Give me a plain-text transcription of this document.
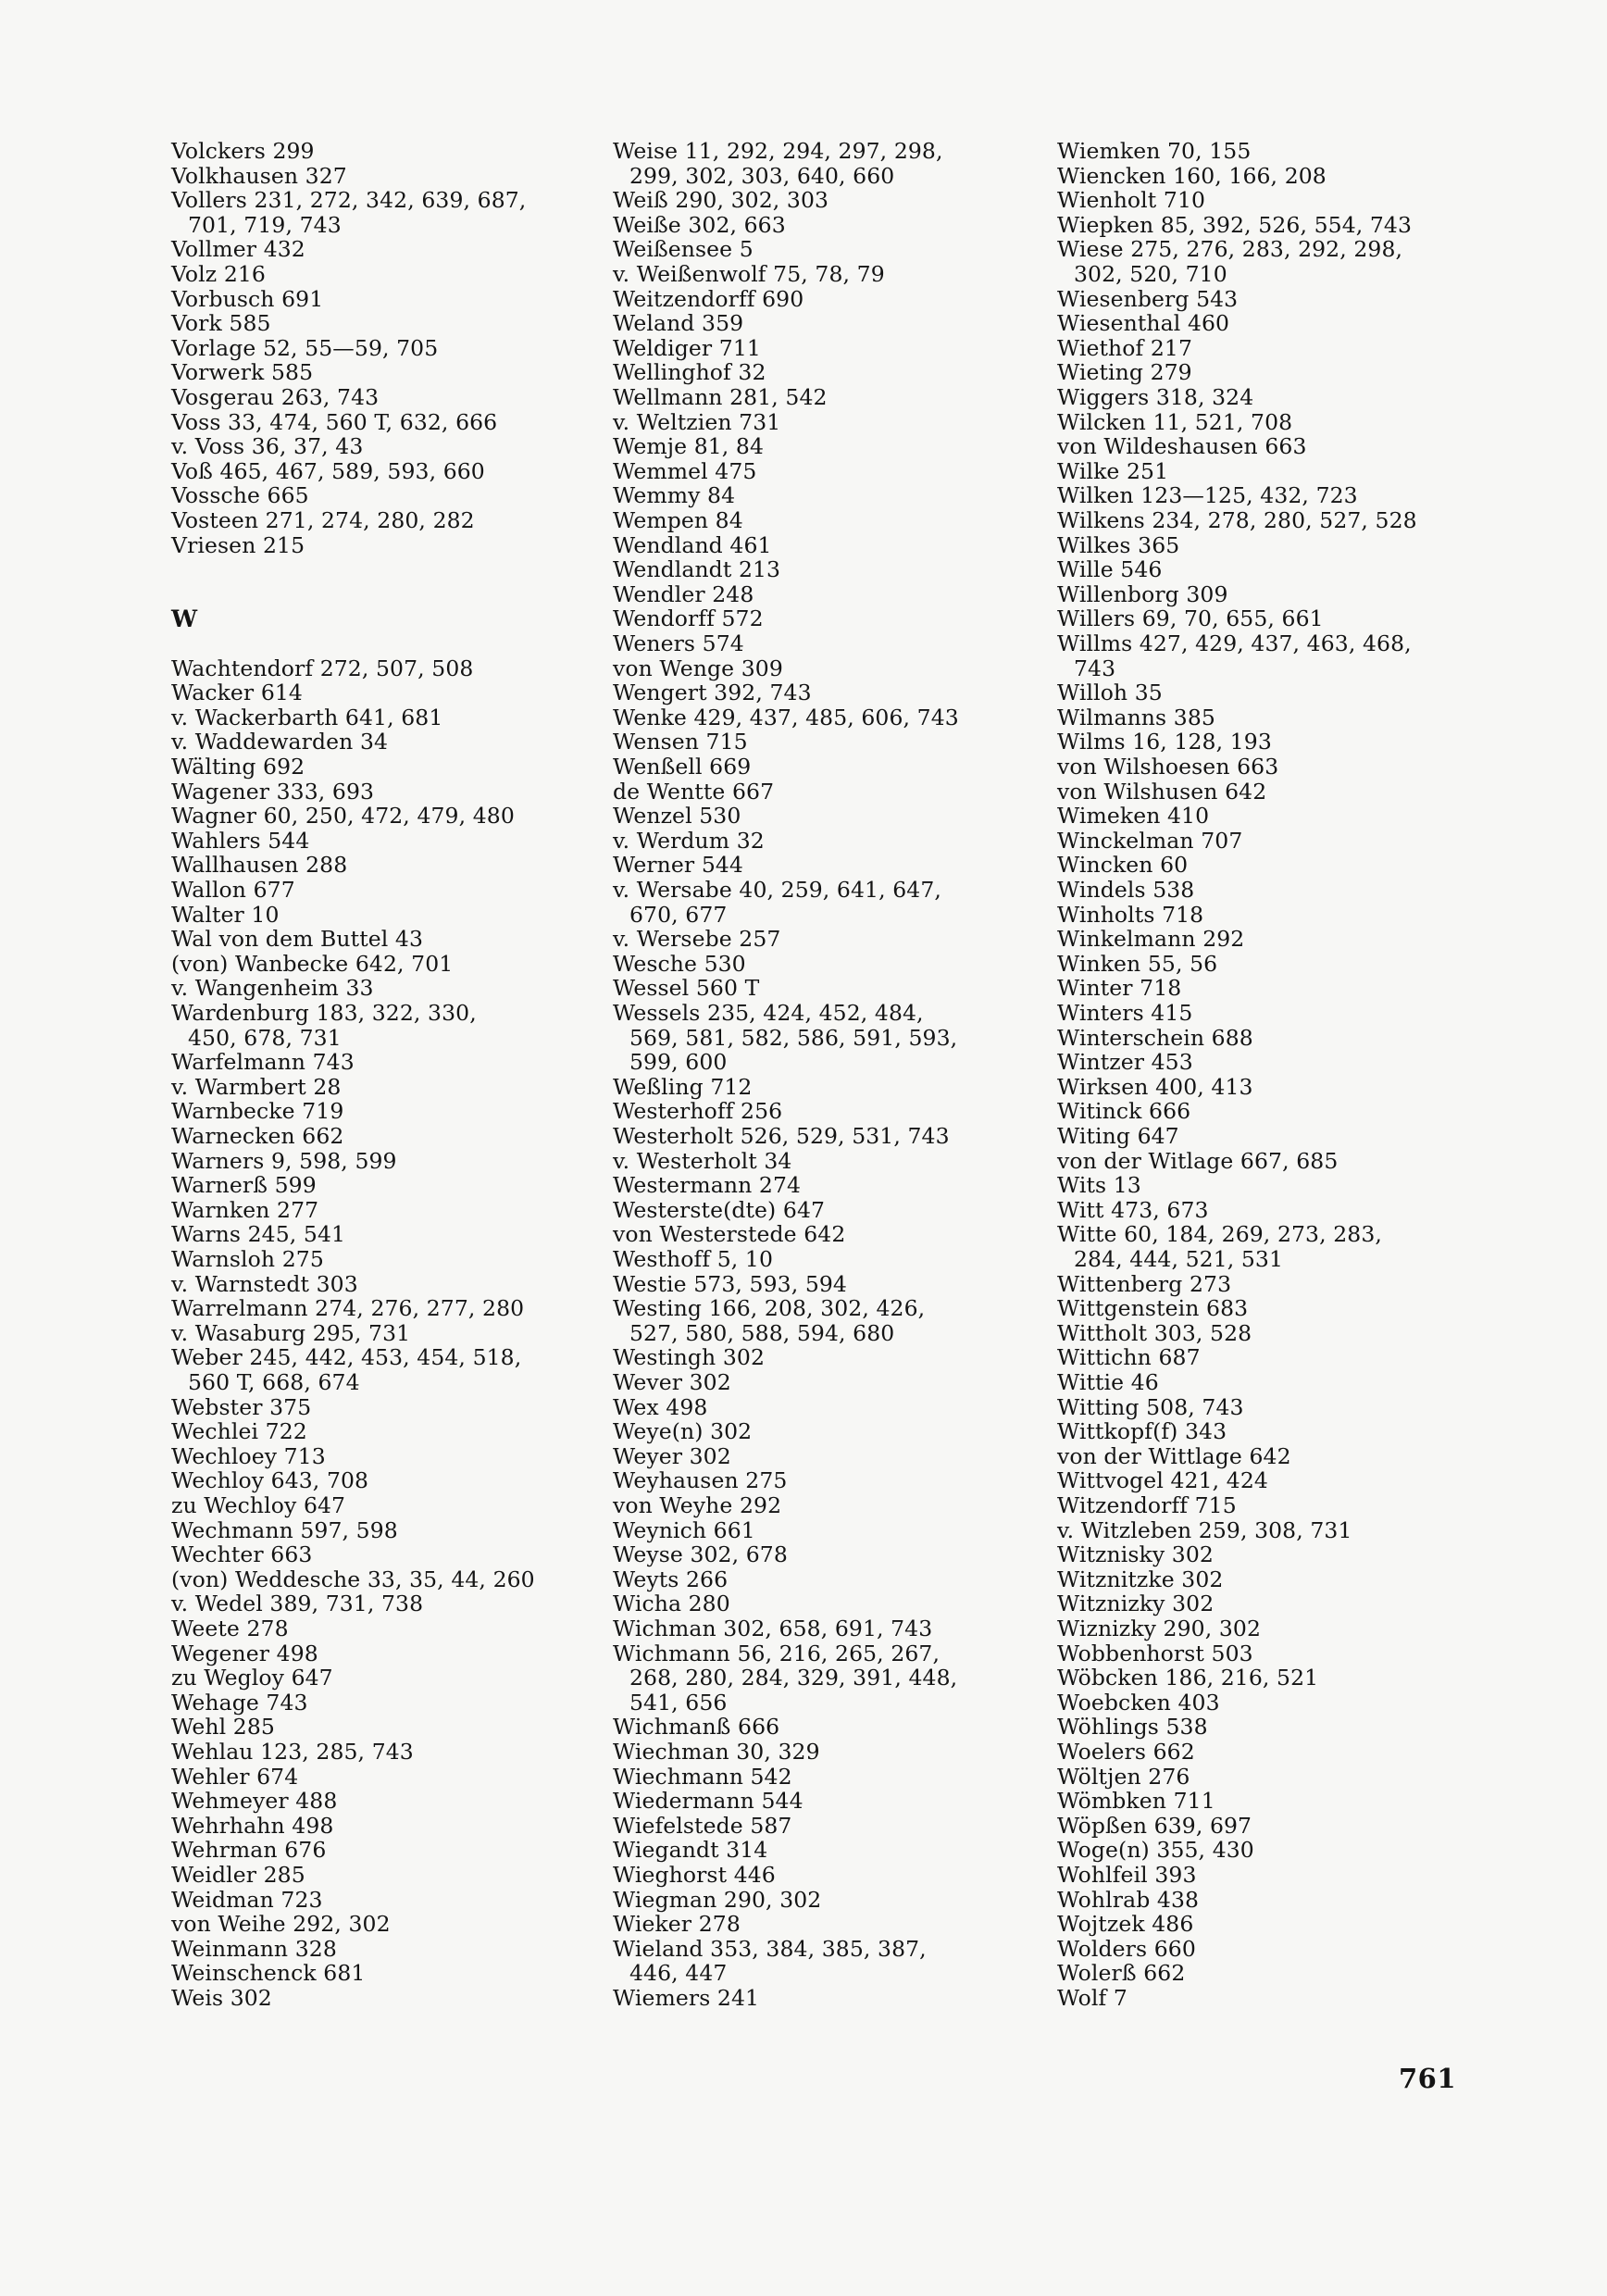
Volckers 299
Volkhausen 327
Vollers 231, 272, 342, 639, 687,
701, 719, 743
Vollmer 432
Volz 216
Vorbusch 691
Vork 585
Vorlage 52, 55—59, 705
Vorwerk 585
Vosgerau 263, 743
Voss 33, 474, 560 T, 632, 666
v. Voss 36, 37, 43
Voß 465, 467, 589, 593, 660
Vossche 665
Vosteen 271, 274, 280, 282
Vriesen 215
W
Wachtendorf 272, 507, 508
Wacker 614
v. Wackerbarth 641, 681
v. Waddewarden 34
Wälting 692
Wagener 333, 693
Wagner 60, 250, 472, 479, 480
Wahlers 544
Wallhausen 288
Wallon 677
Walter 10
Wal von dem Buttel 43
(von) Wanbecke 642, 701
v. Wangenheim 33
Wardenburg 183, 322, 330,
450, 678, 731
Warfelmann 743
v. Warmbert 28
Warnbecke 719
Warnecken 662
Warners 9, 598, 599
Warnerß 599
Warnken 277
Warns 245, 541
Warnsloh 275
v. Warnstedt 303
Warrelmann 274, 276, 277, 280
v. Wasaburg 295, 731
Weber 245, 442, 453, 454, 518,
560 T, 668, 674
Webster 375
Wechlei 722
Wechloey 713
Wechloy 643, 708
zu Wechloy 647
Wechmann 597, 598
Wechter 663
(von) Weddesche 33, 35, 44, 260
v. Wedel 389, 731, 738
Weete 278
Wegener 498
zu Wegloy 647
Wehage 743
Wehl 285
Wehlau 123, 285, 743
Wehler 674
Wehmeyer 488
Wehrhahn 498
Wehrman 676
Weidler 285
Weidman 723
von Weihe 292, 302
Weinmann 328
Weinschenck 681
Weis 302
Weise 11, 292, 294, 297, 298,
299, 302, 303, 640, 660
Weiß 290, 302, 303
Weiße 302, 663
Weißensee 5
v. Weißenwolf 75, 78, 79
Weitzendorff 690
Weland 359
Weldiger 711
Wellinghof 32
Wellmann 281, 542
v. Weltzien 731
Wemje 81, 84
Wemmel 475
Wemmy 84
Wempen 84
Wendland 461
Wendlandt 213
Wendler 248
Wendorff 572
Weners 574
von Wenge 309
Wengert 392, 743
Wenke 429, 437, 485, 606, 743
Wensen 715
Wenßell 669
de Wentte 667
Wenzel 530
v. Werdum 32
Werner 544
v. Wersabe 40, 259, 641, 647,
670, 677
v. Wersebe 257
Wesche 530
Wessel 560 T
Wessels 235, 424, 452, 484,
569, 581, 582, 586, 591, 593,
599, 600
Weßling 712
Westerhoff 256
Westerholt 526, 529, 531, 743
v. Westerholt 34
Westermann 274
Westerste(dte) 647
von Westerstede 642
Westhoff 5, 10
Westie 573, 593, 594
Westing 166, 208, 302, 426,
527, 580, 588, 594, 680
Westingh 302
Wever 302
Wex 498
Weye(n) 302
Weyer 302
Weyhausen 275
von Weyhe 292
Weynich 661
Weyse 302, 678
Weyts 266
Wicha 280
Wichman 302, 658, 691, 743
Wichmann 56, 216, 265, 267,
268, 280, 284, 329, 391, 448,
541, 656
Wichmanß 666
Wiechman 30, 329
Wiechmann 542
Wiedermann 544
Wiefelstede 587
Wiegandt 314
Wieghorst 446
Wiegman 290, 302
Wieker 278
Wieland 353, 384, 385, 387,
446, 447
Wiemers 241
Wiemken 70, 155
Wiencken 160, 166, 208
Wienholt 710
Wiepken 85, 392, 526, 554, 743
Wiese 275, 276, 283, 292, 298,
302, 520, 710
Wiesenberg 543
Wiesenthal 460
Wiethof 217
Wieting 279
Wiggers 318, 324
Wilcken 11, 521, 708
von Wildeshausen 663
Wilke 251
Wilken 123—125, 432, 723
Wilkens 234, 278, 280, 527, 528
Wilkes 365
Wille 546
Willenborg 309
Willers 69, 70, 655, 661
Willms 427, 429, 437, 463, 468,
743
Willoh 35
Wilmanns 385
Wilms 16, 128, 193
von Wilshoesen 663
von Wilshusen 642
Wimeken 410
Winckelman 707
Wincken 60
Windels 538
Winholts 718
Winkelmann 292
Winken 55, 56
Winter 718
Winters 415
Winterschein 688
Wintzer 453
Wirksen 400, 413
Witinck 666
Witing 647
von der Witlage 667, 685
Wits 13
Witt 473, 673
Witte 60, 184, 269, 273, 283,
284, 444, 521, 531
Wittenberg 273
Wittgenstein 683
Wittholt 303, 528
Wittichn 687
Wittie 46
Witting 508, 743
Wittkopf(f) 343
von der Wittlage 642
Wittvogel 421, 424
Witzendorff 715
v. Witzleben 259, 308, 731
Witznisky 302
Witznitzke 302
Witznizky 302
Wiznizky 290, 302
Wobbenhorst 503
Wöbcken 186, 216, 521
Woebcken 403
Wöhlings 538
Woelers 662
Wöltjen 276
Wömbken 711
Wöpßen 639, 697
Woge(n) 355, 430
Wohlfeil 393
Wohlrab 438
Wojtzek 486
Wolders 660
Wolerß 662
Wolf 7
761
